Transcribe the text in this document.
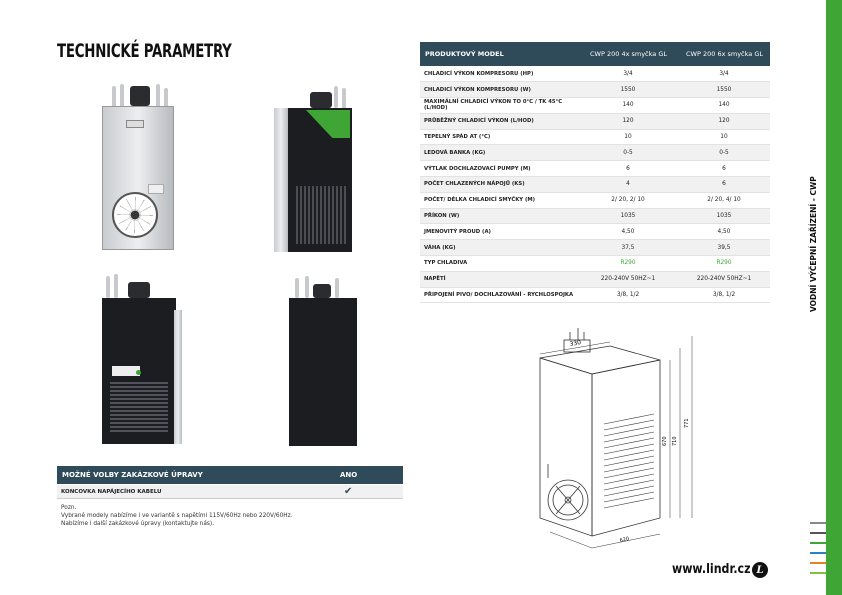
TECHNICKÉ PARAMETRY	PRODUKTOVÝ MODEL	CWP 200 4x smyčka GL	CWP 200 6x smyčka GL
CHLADICÍ VÝKON KOMPRESORU (HP)	3/4	3/4
CHLADICÍ VÝKON KOMPRESORU (W)	1550	1550
MAXIMÁLNÍ CHLADICÍ VÝKON TO 0°C / TK 45°C (L/HOD)	140	140
PRŮBĚŽNÝ CHLADICÍ VÝKON (L/HOD)	120	120
TEPELNÝ SPÁD AT (°C)	10	10
LEDOVÁ BANKA (KG)	0-5	0-5
VÝTLAK DOCHLAZOVACÍ PUMPY (M)	6	6
POČET CHLAZENÝCH NÁPOJŮ (KS)	4	6
POČET/ DÉLKA CHLADICÍ SMYČKY (M)	2/ 20, 2/ 10	2/ 20, 4/ 10
PŘÍKON (W)	1035	1035
JMENOVITÝ PROUD (A)	4,50	4,50
VÁHA (KG)	37,5	39,5
TYP CHLADIVA	R290	R290
NAPĚTÍ	220-240V 50HZ~1	220-240V 50HZ~1
PŘIPOJENÍ PIVO/ DOCHLAZOVÁNÍ - RYCHLOSPOJKA	3/8, 1/2	3/8, 1/2
MOŽNÉ VOLBY ZAKÁZKOVÉ ÚPRAVY	ANO
KONCOVKA NAPÁJECÍHO KABELU	✔
Pozn.
Vybrané modely nabízíme i ve variantě s napětími 115V/60Hz nebo 220V/60Hz.
Nabízíme i další zakázkové úpravy (kontaktujte nás).
330
670 710
771
620
www.lindr.cz L
VODNÍ VÝČEPNÍ ZAŘÍZENÍ - CWP
